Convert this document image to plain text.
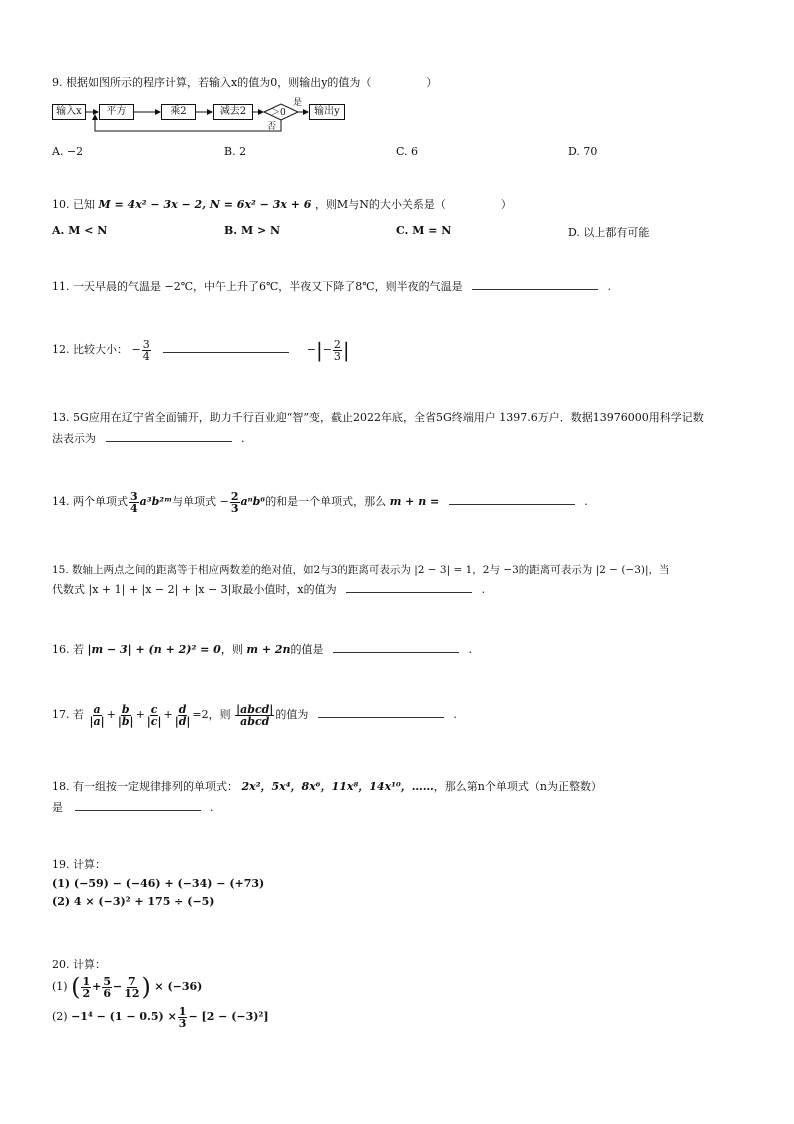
9. 根据如图所示的程序计算，若输入x的值为0，则输出y的值为（　　　　　）
输入x	平方	乘2	减去2	＞0
是
否
输出y
A. −2	B. 2	C. 6	D. 70
10. 已知 M = 4x² − 3x − 2, N = 6x² − 3x + 6 ，则M与N的大小关系是（　　　　　）
A. M < N	B. M > N	C. M = N	D. 以上都有可能
11. 一天早晨的气温是 −2℃，中午上升了6℃，半夜又下降了8℃，则半夜的气温是	.
12. 比较大小： − $\frac{3}{4}$	−|− $\frac{2}{3}$ |
13. 5G应用在辽宁省全面铺开，助力千行百业迎“智”变，截止2022年底，全省5G终端用户 1397.6万户．数据13976000用科学记数
法表示为	.
14. 两个单项式 $\frac{3}{4}$ a³b²ᵐ与单项式 − $\frac{2}{3} a^nb^6$的和是一个单项式，那么 m + n =	.
15. 数轴上两点之间的距离等于相应两数差的绝对值，如2与3的距离可表示为 |2 − 3| = 1，2与 −3的距离可表示为 |2 − (−3)|，当
代数式 |x + 1| + |x − 2| + |x − 3|取最小值时，x的值为	.
16. 若 |m − 3| + (n + 2)² = 0，则 m + 2n的值是	.
17. 若 $\frac{a}{|a|} + \frac{b}{|b|} + \frac{c}{|c|} + \frac{d}{|d|} =2$，则 $\frac{\text{|abcd|}}{\text{abcd}}$ 的值为	.
18. 有一组按一定规律排列的单项式： 2x²，5x⁴，8x⁶，11x⁸，14x¹⁰，……，那么第n个单项式（n为正整数）
是	.
19. 计算：
(1) (−59) − (−46) + (−34) − (+73)
(2) 4 × (−3)² + 175 ÷ (−5)
20. 计算：
(1) ( $\frac{1}{2} + \frac{5}{6} - \frac{7}{12}$ ) × (−36)
$(2) -1^4 - (1 - 0.5) \times \frac{1}{3} - [2 - (-3)^2]$
